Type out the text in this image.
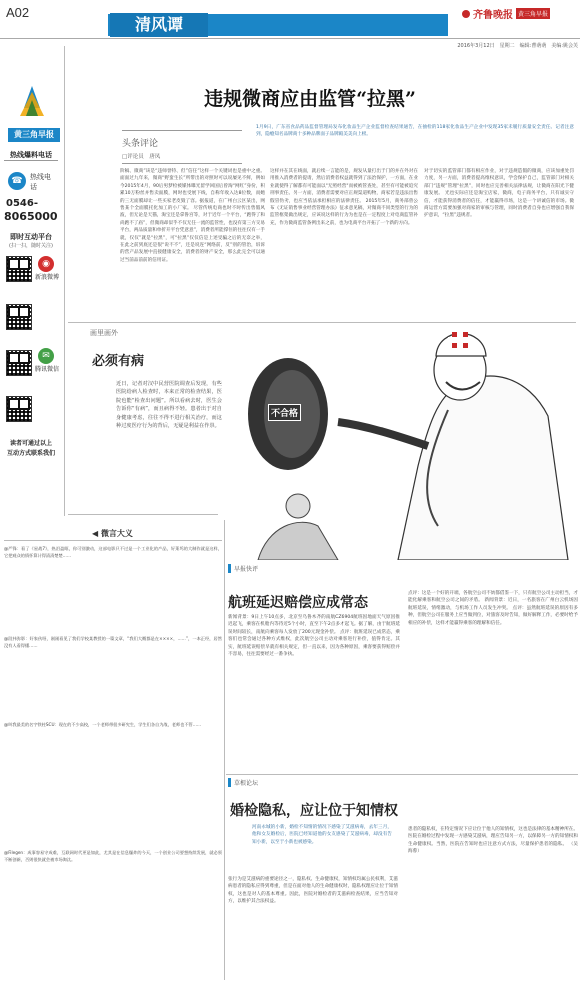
A02
清风谭	齐鲁晚报 黄三角早报
2016年3月12日　星期二　编辑:曹萌萌　美编:姚会芙
黄三角早报
热线爆料电话
☎	热线电话
0546-
8065000
即时互动平台
(扫一扫，随时关注)
◉
新浪微博
✉
腾讯微信
读者可通过以上
互动方式联系我们
违规微商应由监管“拉黑”
头条评论
□评论员　唐凤
1月9日，广东省食品药品监督管理局发布化妆品生产企业监督检查结果通告，在抽检的118家化妆品生产企业中发现35家未履行质量安全责任。记者注意到，隐瘾知名品牌商十多种品牌面子品牌殿美美向上榜。
阶稿、微商”该是“违师誉特、但”信任”这样一个关键词也是重中之重。面面过九年来，微商“野蛮生长”所带出的对照时可以说屡见不鲜，例如今2015年4月，90后男梦检被媒体曝光留学回国后曾淘“网红”身份，积累10万粉丝并售卖面膜，网时也受展下线，自称年收入达8位数，而她的三无面膜却让一些买家老皮毁了容。据报道，在广州白云区某出，网售某个全面膜托化加工的小厂家。 尽管传统电商也时不时传出售假风波，但无论是天猫，淘宝还是拿鲁宫等，对于近年一个平台，“跑得了和尚跑不了庙”，但微商却似乎不仅无任一流的监管性，也没有第三方交易平台，两品质量和单折开平台凭意意”，消费者所能撑住的往往仅有一手就，仅仅”就是“拉黑”，可“拉黑”仅仅信是上述受骗之后的无奈之举，在此之前到底还是很“说不不”，还是说连“网络前，反”别的管治，诉诉的营产品发展中直接健康安全，消费者的财产安全，那么此完全可以通过当前品前前的信用证。
这样并在其在线面，就后续一言能的是，规发从量打出于门的并在外对在用推入消费者的提请，然后消费者权益就得到了法治保护，一方面，在业业就使得了解都有可能面以"无照经营"而被被管查处，甚至有可能被追究刑事责任。另一方面，消费者需要对应正规渠道购物，商家若是违法出售假冒伪劣，也应当依法承担相应的法律责任。 2015年5月，商务部曾公布《无证销售事业经营管理办法》征求意见稿，对微商不同类型的行为的监管框架做出规定，应该说这样的行为为也是在一定程度上对电商监管补充，作为微商监管条例出来之前，也为电商平台开拓了一个新的方向。
对于切实的监管部门都有相应作业，对于违规造假的微商，应该加重处罚力度，另一方面，消费者提高维权意识，学会保护自己，监管部门对相关部门“违规”管理“拉黑”，同时也应完善相关法律法规，让微商在阳光下健康发展。 光也实际应还是淘宝店家，微商，电子商务平台，只有诚实守信，才能获得消费者的信任，才能赢得市场，这是一个讲诚信的市场。微商运营方需要加强对商家的审核与管理，同时消费者自身也应增强自我保护意识，“拉黑”违规者。
画里画外
必须有病
近日，记者对汉中民营医院调查后发现，有些医院给病人检查时，本来正常的检查结果，医院也能“检查出问题”。所以看病去时，医生会告诉你“有病”，而且病得不轻。患者出于对自身健康考虑，往往不得不进行相关治疗，而这种过度医疗行为的背后，无疑是利益在作祟。
不合格
◀ 微言大义
@严锋：看了《星战7》，热泪盈眶，你可别激动，这部电影只不过是一个工业化的产品，好莱坞的大制作就是这样，它把观众的情怀算计得清清楚楚……
@段祎弥影：好家伙呀，刚刚看见了我们学校某教授的一篇文章，“我们大概都是在××××，……”，一本正经，居然没有人看得懂……
@叫我最美的名字铁柱SCU：现在的不少高校，一个老师带很多研究生，学生们各自为战，老师也不管……
@Filegen：成事容易守成难，互联网时代更是如此，尤其是在信息爆炸的今天，一个创业公司要想持续发展，就必须不断创新，否则很快就会被市场淘汰。
早报快评
航班延迟赔偿应成常态
新闻背景：9日上午10点多，北京至乌鲁木齐的南航CZ6904航班因地面天气原因推迟起飞，乘客在机舱内等待近5个小时，直至下午2点多才起飞。据了解，由于航班延误时间较长，南航向乘客每人发放了200元现金补偿。 点评：航班延误已成常态，乘客们也常会通过各种方式维权，此次航空公司主动对乘客进行补偿，值得肯定。其实，航班延误赔偿早就有相关规定，但一直以来，因为各种原因，乘客要获得赔偿并不容易，往往需要经过一番争执。
点评：这是一个好的开端，各航空公司不妨都借鉴一下，只有航空公司主动担当，才能化解乘客和航空公司之间的矛盾。 新闻背景：近日，一名旅客在广州白云机场因航班延误，情绪激动，与机场工作人员发生冲突。 点评：虽然航班延误的原因有多种，但航空公司在服务上应当做到位，对旅客及时告知，做好解释工作，必要时给予相应的补偿，这样才能赢得乘客的理解和信任。
草根论坛
婚检隐私，应让位于知情权
河南永城的小新，婚检不知情的情况下感染了艾滋病毒，去年三月，他和女友婚检后，医院已经知道他的女友感染了艾滋病毒，却没有告知小新，以至于小新也被感染。
张行为是艾滋病的重要途径之一，隐私权、生命健康权，知情权均属公民权利，艾滋病患者的隐私应得到尊重，但是在面对他人的生命健康权时，隐私权理应让位于知情权，这也是对人的基本尊重。因此，医院对婚检者的艾滋病检查结果，应当告知对方，以维护其合法权益。
患者的隐私权，在特定情况下应让位于他人的知情权，这也是法律的基本精神所在。医院在婚检过程中发现一方感染艾滋病，理应告知另一方，以保障另一方的知情权和生命健康权。当然，医院在告知时也应注意方式方法，尽量保护患者的隐私。 （吴海蓉）
